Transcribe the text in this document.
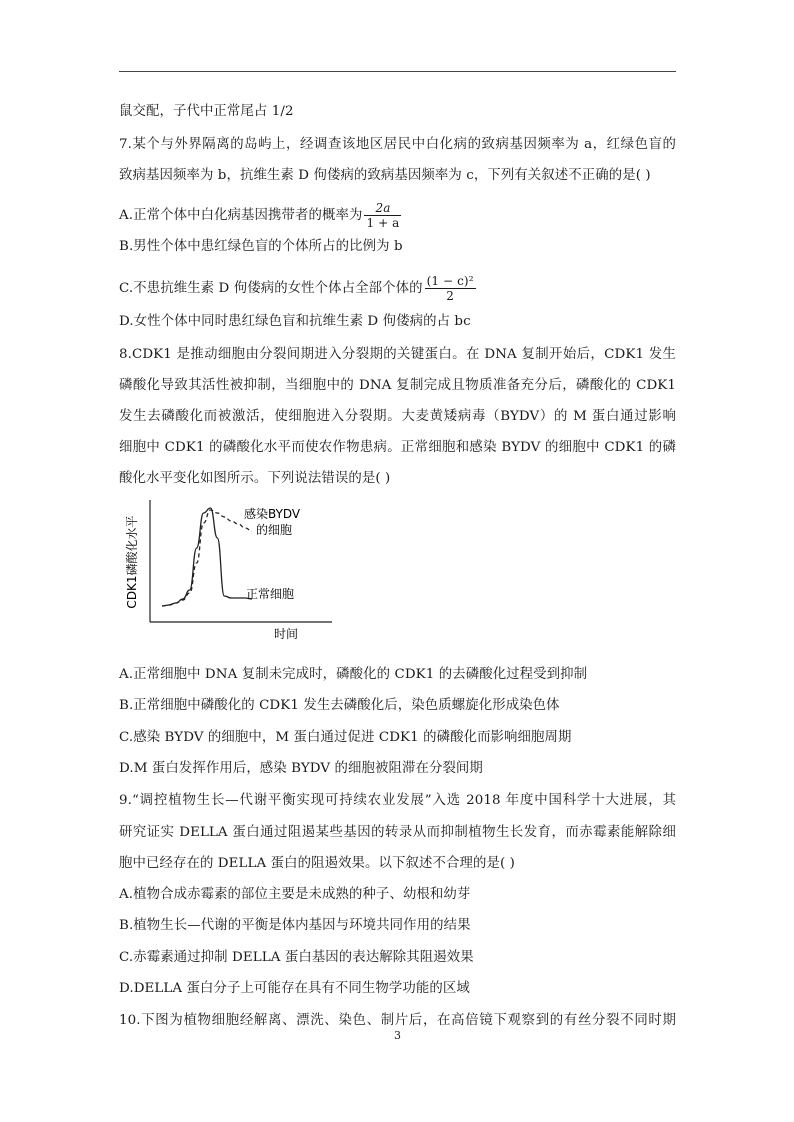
鼠交配，子代中正常尾占 1/2
7.某个与外界隔离的岛屿上，经调查该地区居民中白化病的致病基因频率为 a，红绿色盲的
致病基因频率为 b，抗维生素 D 佝偻病的致病基因频率为 c，下列有关叙述不正确的是( )
A.正常个体中白化病基因携带者的概率为 $\frac{2a}{1 + a}$
B.男性个体中患红绿色盲的个体所占的比例为 b
C.不患抗维生素 D 佝偻病的女性个体占全部个体的 $\frac{\text{(1 − c)²}}{2}$
D.女性个体中同时患红绿色盲和抗维生素 D 佝偻病的占 bc
8.CDK1 是推动细胞由分裂间期进入分裂期的关键蛋白。在 DNA 复制开始后，CDK1 发生
磷酸化导致其活性被抑制，当细胞中的 DNA 复制完成且物质准备充分后，磷酸化的 CDK1
发生去磷酸化而被激活，使细胞进入分裂期。大麦黄矮病毒（BYDV）的 M 蛋白通过影响
细胞中 CDK1 的磷酸化水平而使农作物患病。正常细胞和感染 BYDV 的细胞中 CDK1 的磷
酸化水平变化如图所示。下列说法错误的是( )
CDK1磷酸化水平
时间
感染BYDV
的细胞
正常细胞
A.正常细胞中 DNA 复制未完成时，磷酸化的 CDK1 的去磷酸化过程受到抑制
B.正常细胞中磷酸化的 CDK1 发生去磷酸化后，染色质螺旋化形成染色体
C.感染 BYDV 的细胞中，M 蛋白通过促进 CDK1 的磷酸化而影响细胞周期
D.M 蛋白发挥作用后，感染 BYDV 的细胞被阻滞在分裂间期
9.“调控植物生长—代谢平衡实现可持续农业发展”入选 2018 年度中国科学十大进展，其
研究证实 DELLA 蛋白通过阻遏某些基因的转录从而抑制植物生长发育，而赤霉素能解除细
胞中已经存在的 DELLA 蛋白的阻遏效果。以下叙述不合理的是( )
A.植物合成赤霉素的部位主要是未成熟的种子、幼根和幼芽
B.植物生长—代谢的平衡是体内基因与环境共同作用的结果
C.赤霉素通过抑制 DELLA 蛋白基因的表达解除其阻遏效果
D.DELLA 蛋白分子上可能存在具有不同生物学功能的区域
10.下图为植物细胞经解离、漂洗、染色、制片后，在高倍镜下观察到的有丝分裂不同时期
3
